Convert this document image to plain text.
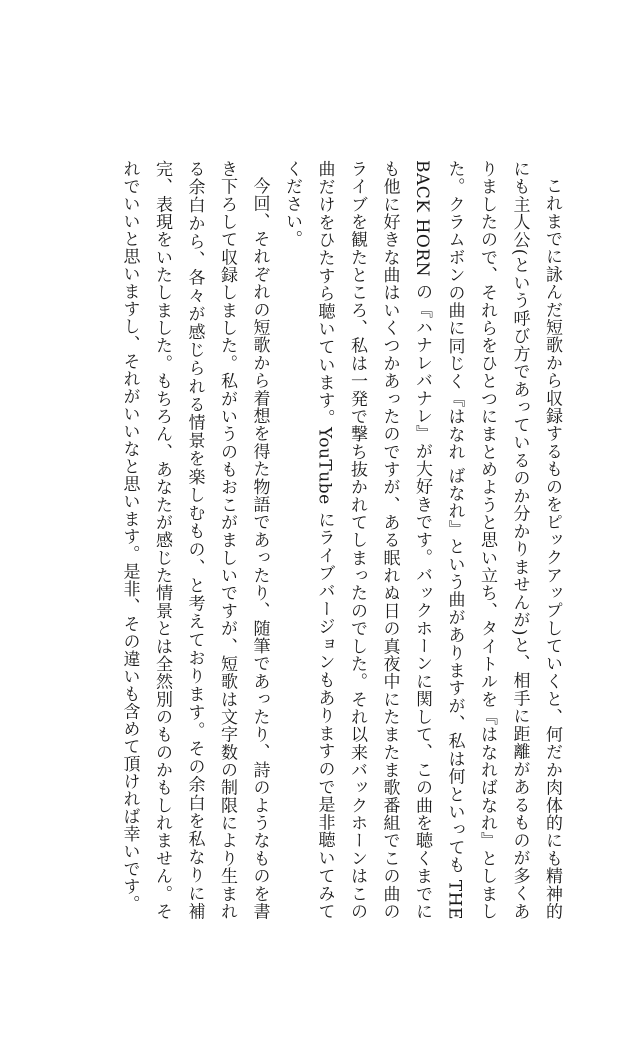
これまでに詠んだ短歌から収録するものをピックアップしていくと、何だか肉体的にも精神的にも主人公(という呼び方であっているのか分かりませんが)と、相手に距離があるものが多くありましたので、それらをひとつにまとめようと思い立ち、タイトルを『はなればなれ』としました。クラムボンの曲に同じく『はなれ ばなれ』という曲がありますが、私は何といっても THE BACK HORN の『ハナレバナレ』が大好きです。バックホーンに関して、この曲を聴くまでにも他に好きな曲はいくつかあったのですが、ある眠れぬ日の真夜中にたまたま歌番組でこの曲のライブを観たところ、私は一発で撃ち抜かれてしまったのでした。それ以来バックホーンはこの曲だけをひたすら聴いています。YouTube にライブバージョンもありますので是非聴いてみてください。

今回、それぞれの短歌から着想を得た物語であったり、随筆であったり、詩のようなものを書き下ろして収録しました。私がいうのもおこがましいですが、短歌は文字数の制限により生まれる余白から、各々が感じられる情景を楽しむもの、と考えております。その余白を私なりに補完、表現をいたしました。もちろん、あなたが感じた情景とは全然別のものかもしれません。それでいいと思いますし、それがいいなと思います。是非、その違いも含めて頂ければ幸いです。
